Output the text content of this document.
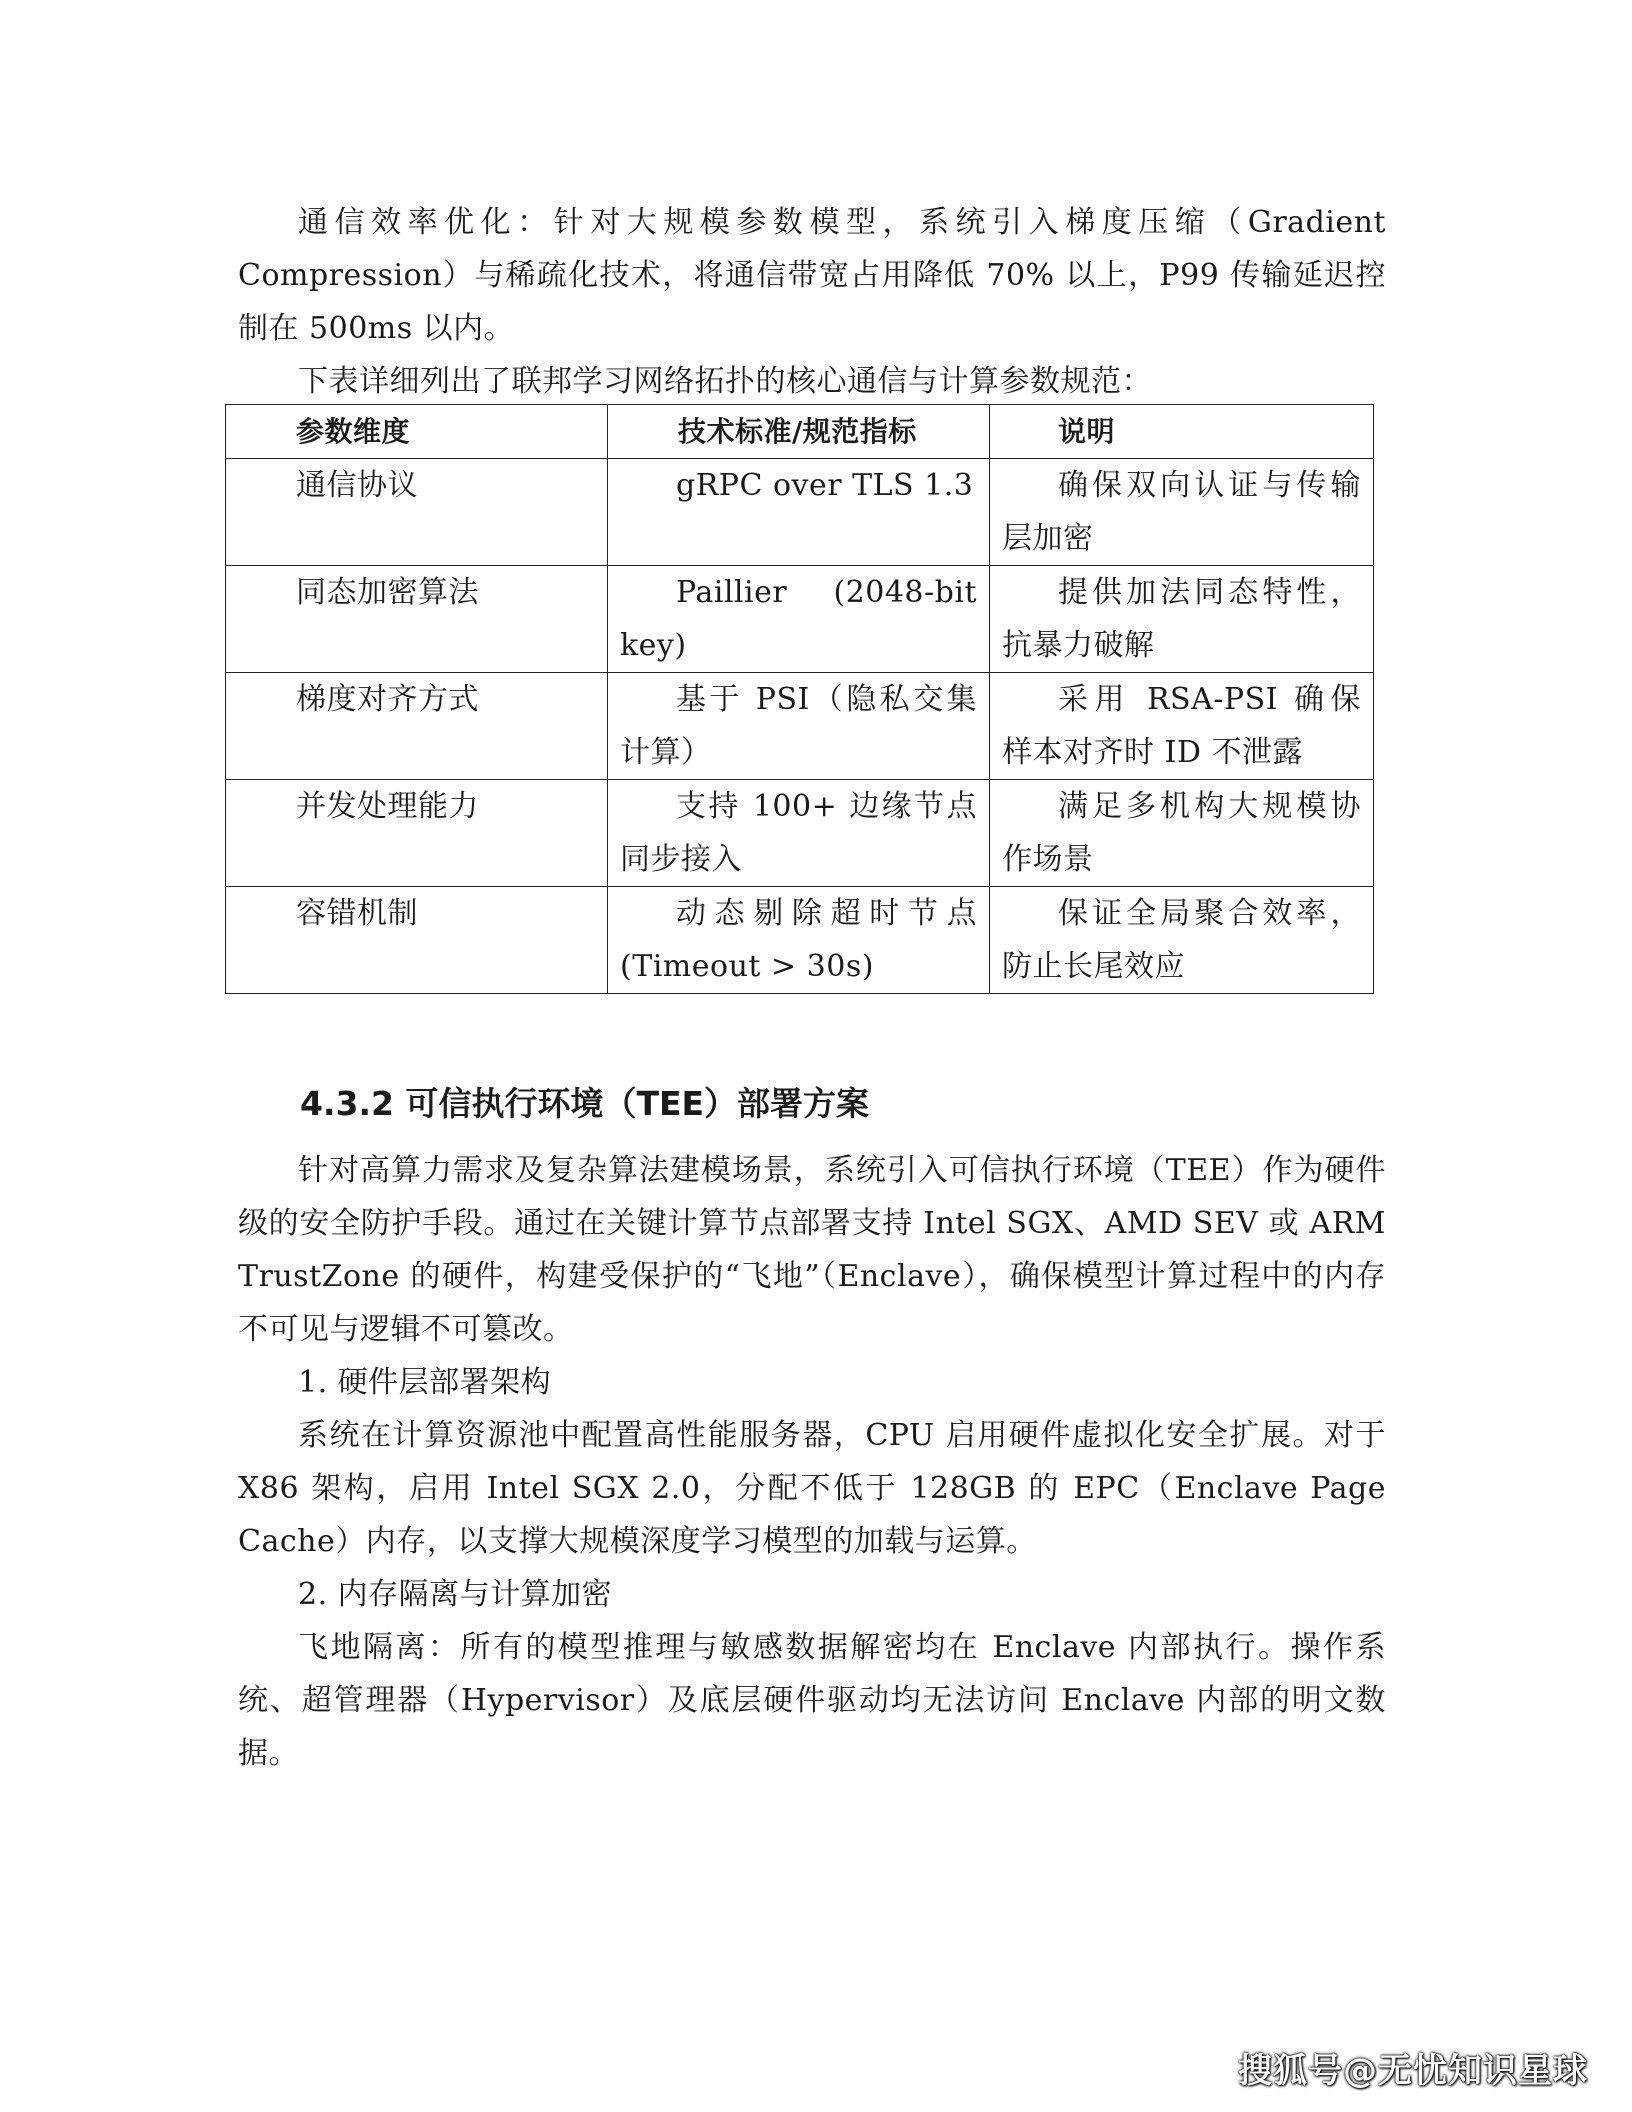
通信效率优化：针对大规模参数模型，系统引入梯度压缩（Gradient Compression）与稀疏化技术，将通信带宽占用降低 70% 以上，P99 传输延迟控制在 500ms 以内。

下表详细列出了联邦学习网络拓扑的核心通信与计算参数规范：

参数维度	技术标准/规范指标	说明
通信协议	gRPC over TLS 1.3	确保双向认证与传输层加密
同态加密算法	Paillier (2048-bit key)	提供加法同态特性，抗暴力破解
梯度对齐方式	基于 PSI（隐私交集计算）	采用 RSA-PSI 确保样本对齐时 ID 不泄露
并发处理能力	支持 100+ 边缘节点同步接入	满足多机构大规模协作场景
容错机制	动态剔除超时节点(Timeout > 30s)	保证全局聚合效率，防止长尾效应
4.3.2 可信执行环境（TEE）部署方案

针对高算力需求及复杂算法建模场景，系统引入可信执行环境（TEE）作为硬件级的安全防护手段。通过在关键计算节点部署支持 Intel SGX、AMD SEV 或 ARM TrustZone 的硬件，构建受保护的“飞地”（Enclave），确保模型计算过程中的内存不可见与逻辑不可篡改。

1. 硬件层部署架构

系统在计算资源池中配置高性能服务器，CPU 启用硬件虚拟化安全扩展。对于 X86 架构，启用 Intel SGX 2.0，分配不低于 128GB 的 EPC（Enclave Page Cache）内存，以支撑大规模深度学习模型的加载与运算。

2. 内存隔离与计算加密

飞地隔离：所有的模型推理与敏感数据解密均在 Enclave 内部执行。操作系统、超管理器（Hypervisor）及底层硬件驱动均无法访问 Enclave 内部的明文数据。

搜狐号@无忧知识星球
